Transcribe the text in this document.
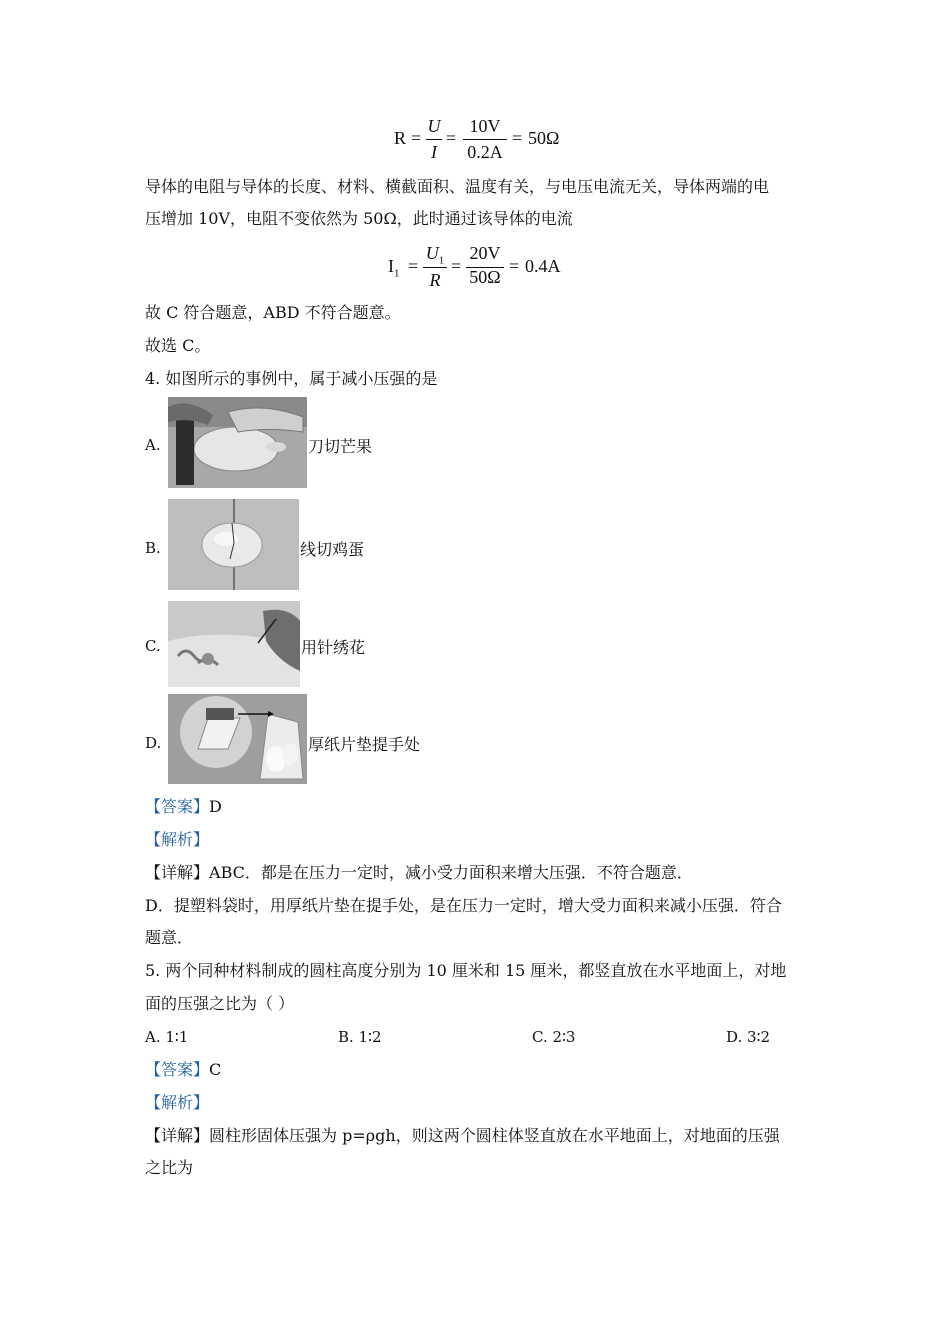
R =
U
I
=
10V
0.2A
= 50Ω
导体的电阻与导体的长度、材料、横截面积、温度有关，与电压电流无关，导体两端的电
压增加 10V，电阻不变依然为 50Ω，此时通过该导体的电流
$I_1$ =
$U_1$
R
=
20V
50Ω
= 0.4A
故 C 符合题意，ABD 不符合题意。
故选 C。
4. 如图所示的事例中，属于减小压强的是
A.	刀切芒果
B.	线切鸡蛋
C.	用针绣花
D.	厚纸片垫提手处
【答案】D
【解析】
【详解】ABC．都是在压力一定时，减小受力面积来增大压强．不符合题意．
D．提塑料袋时，用厚纸片垫在提手处，是在压力一定时，增大受力面积来减小压强．符合
题意．
5. 两个同种材料制成的圆柱高度分别为 10 厘米和 15 厘米，都竖直放在水平地面上，对地
面的压强之比为（ ）
A. 1∶1	B. 1∶2	C. 2∶3	D. 3∶2
【答案】C
【解析】
【详解】圆柱形固体压强为 p=ρgh，则这两个圆柱体竖直放在水平地面上，对地面的压强
之比为
